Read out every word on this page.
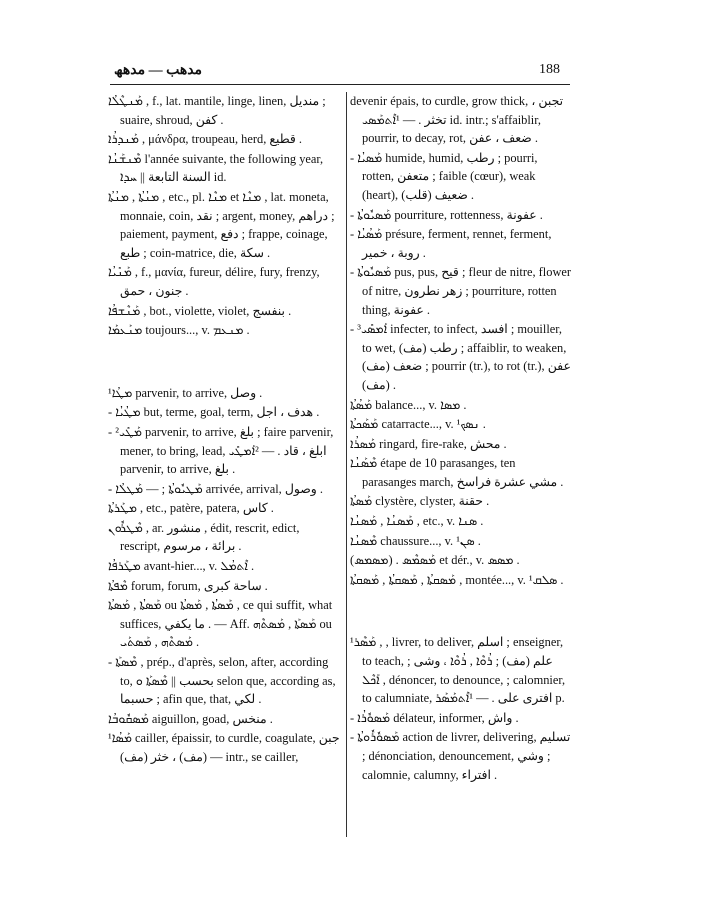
مدھب — مدھھ	188

ܡܰܢܛܶܠܳܐ , f., lat. mantile, linge, linen, منديل ; suaire, shroud, كفن .

ܡܰܢܕܪܳܐ , μάνδρα, troupeau, herd, قطيع .

ܡܶܢܫܰܢܳܐ l'année suivante, the following year, السنة التابعة || ܚܕܐ id.

ܡܢܳܬܳܐ , ܡܢܳܬܳܐ , etc., pl. ܡܢܶܐ et ܡܢܶܐ , lat. moneta, monnaie, coin, نقد ; argent, money, دراهم ; paiement, payment, دفع ; frappe, coinage, طبع ; coin-matrice, die, سكة .

ܡܰܢܺܝܳܐ , f., μανία, fureur, délire, fury, frenzy, جنون ، حمق .

ܡܰܢܶܫܦܳܐ , bot., violette, violet, بنفسج .

ܡܢܰܥܡܰܐ toujours..., v. ܡܢܥܡ .

¹ܡܛܳܐ parvenir, to arrive, وصل .

- ܡܛܳܝܳܐ but, terme, goal, term, هدف ، اجل .

- ²ܡܰܛܺܝ parvenir, to arrive, بلغ ; faire parvenir, mener, to bring, lead, ابلغ ، قاد . — ²ܐܰܡܛܺܝ parvenir, to arrive, بلغ .

- ܡܰܛܝܽܘܬܳܐ ; — ܡܰܛܠܳܐ arrivée, arrival, وصول .

ܡܛܰܪܬܳܐ , etc., patère, patera, كاس .

ܡܶܛܪܽܘܢ , ar. منشور , édit, rescrit, edict, rescript, برائة ، مرسوم .

ܡܛܰܪܦܳܐ avant-hier..., v. ܐܶܬܡܳܠ .

ܡܶܦܬܳܐ forum, forum, ساحة كبرى .

ܡܰܣܬܳܐ , ܡܰܣܬܳܐ ou ܡܰܣܬܳܐ , ܡܰܣܬܳܐ , ce qui suffit, what suffices, ما يكفي . — Aff. ܡܰܣܬܰܐ , ܡܰܣܬܶܗ ou ܡܰܣܬܶܗ , ܡܰܣܬܰܝ .

- ܡܶܣܬܰܐ , prép., d'après, selon, after, according to, بحسب || ܡܶܣܬܰܐ ܘ selon que, according as, حسبما ; afin que, that, لكي .

ܡܰܣܩܽܘܒܳܐ aiguillon, goad, منخس .

¹ܡܰܣܳܐ cailler, épaissir, to curdle, coagulate, جبن (مف) ، خثر (مف) — intr., se cailler,

devenir épais, to curdle, grow thick, تجبن ، تخثر . — ¹ܐܶܬܡܰܣܝ id. intr.; s'affaiblir, pourrir, to decay, rot, ضعف ، عفن .

- ܡܰܣܝܳܐ humide, humid, رطب ; pourri, rotten, متعفن ; faible (cœur), weak (heart), ضعيف (قلب) .

- ܡܰܣܝܽܘܬܳܐ pourriture, rottenness, عفونة .

- ܡܰܣܳܝܳܐ présure, ferment, rennet, ferment, روبة ، خمير .

- ܡܰܣܝܽܘܬܳܐ pus, pus, قيح ; fleur de nitre, flower of nitre, زهر نطرون ; pourriture, rotten thing, عفونة .

- ³ܐܰܡܣܺܝ infecter, to infect, افسد ; mouiller, to wet, رطب (مف) ; affaiblir, to weaken, ضعف (مف) ; pourrir (tr.), to rot (tr.), عفن (مف) .

ܡܰܣܳܬܳܐ balance..., v. ܡܣܐ .

ܡܰܣܰܟܬܳܐ catarracte..., v. ¹ܢܣܟ .

ܡܰܣܪܳܐ ringard, fire-rake, محش .

ܡܶܣܰܢܳܐ étape de 10 parasanges, ten parasanges march, مشي عشرة فراسخ .

ܡܰܣܬܳܐ clystère, clyster, حقنة .

ܡܰܣܢܳܐ , ܡܰܣܢܳܐ , etc., v. ܣܢܐ .

ܡܶܣܢܳܐ chaussure..., v. ¹ܣܢ .

(ܡܣܡܣ) . ܡܰܣܡܶܣ et dér., v. ܡܣܣ .

ܡܰܣܩܬܳܐ , ܡܰܣܩܬܳܐ , ܡܰܣܩܬܳܐ , montée..., v. ¹ܣܠܩ .

¹ܡܰܣܶܪ , , livrer, to deliver, اسلم ; enseigner, to teach, علم (مف) ; ܪܳܘܶܐ , ܪܳܘܶܐ ، وشى ; ܐܰܟܶܠ , dénoncer, to denounce, ; calomnier, to calumniate, افترى على . — ¹ܐܶܬܡܰܣܰܪ p.

- ܡܰܣܘܽܪܳܐ délateur, informer, واش .

- ܡܰܣܘܽܪܽܘܬܳܐ action de livrer, delivering, تسليم ; dénonciation, denouncement, وشي ; calomnie, calumny, افتراء .
